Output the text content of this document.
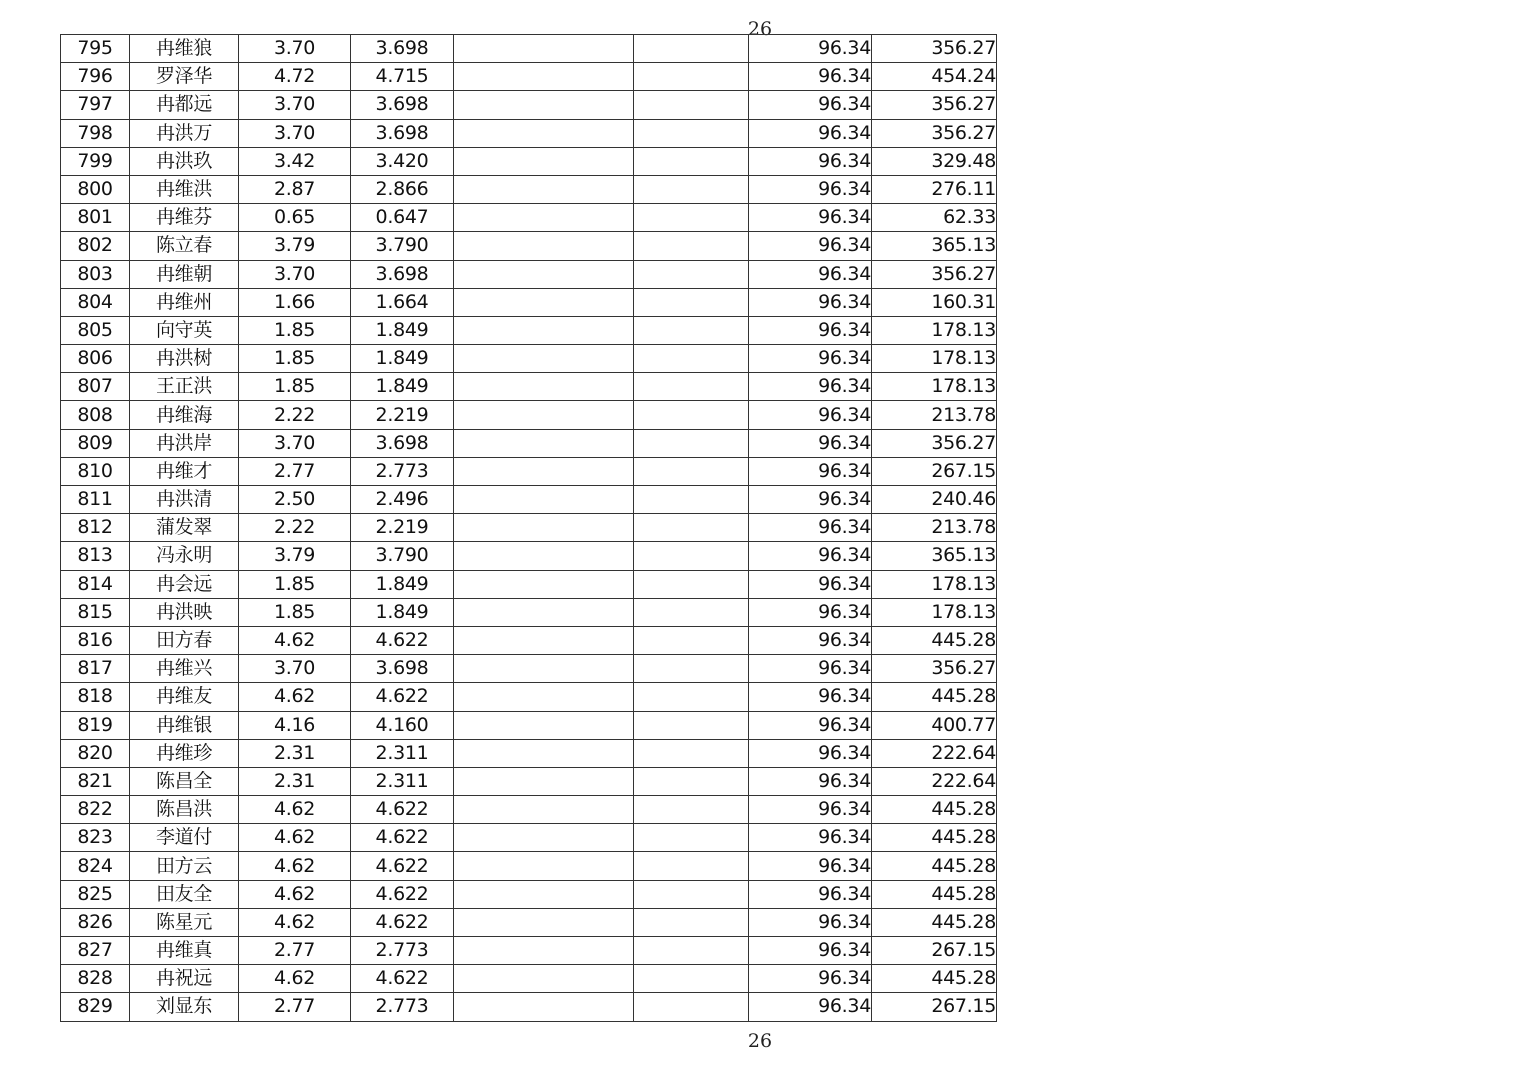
26
795	冉维狼	3.70	3.698			96.34	356.27
796	罗泽华	4.72	4.715			96.34	454.24
797	冉都远	3.70	3.698			96.34	356.27
798	冉洪万	3.70	3.698			96.34	356.27
799	冉洪玖	3.42	3.420			96.34	329.48
800	冉维洪	2.87	2.866			96.34	276.11
801	冉维芬	0.65	0.647			96.34	62.33
802	陈立春	3.79	3.790			96.34	365.13
803	冉维朝	3.70	3.698			96.34	356.27
804	冉维州	1.66	1.664			96.34	160.31
805	向守英	1.85	1.849			96.34	178.13
806	冉洪树	1.85	1.849			96.34	178.13
807	王正洪	1.85	1.849			96.34	178.13
808	冉维海	2.22	2.219			96.34	213.78
809	冉洪岸	3.70	3.698			96.34	356.27
810	冉维才	2.77	2.773			96.34	267.15
811	冉洪清	2.50	2.496			96.34	240.46
812	蒲发翠	2.22	2.219			96.34	213.78
813	冯永明	3.79	3.790			96.34	365.13
814	冉会远	1.85	1.849			96.34	178.13
815	冉洪映	1.85	1.849			96.34	178.13
816	田方春	4.62	4.622			96.34	445.28
817	冉维兴	3.70	3.698			96.34	356.27
818	冉维友	4.62	4.622			96.34	445.28
819	冉维银	4.16	4.160			96.34	400.77
820	冉维珍	2.31	2.311			96.34	222.64
821	陈昌全	2.31	2.311			96.34	222.64
822	陈昌洪	4.62	4.622			96.34	445.28
823	李道付	4.62	4.622			96.34	445.28
824	田方云	4.62	4.622			96.34	445.28
825	田友全	4.62	4.622			96.34	445.28
826	陈星元	4.62	4.622			96.34	445.28
827	冉维真	2.77	2.773			96.34	267.15
828	冉祝远	4.62	4.622			96.34	445.28
829	刘显东	2.77	2.773			96.34	267.15
26
